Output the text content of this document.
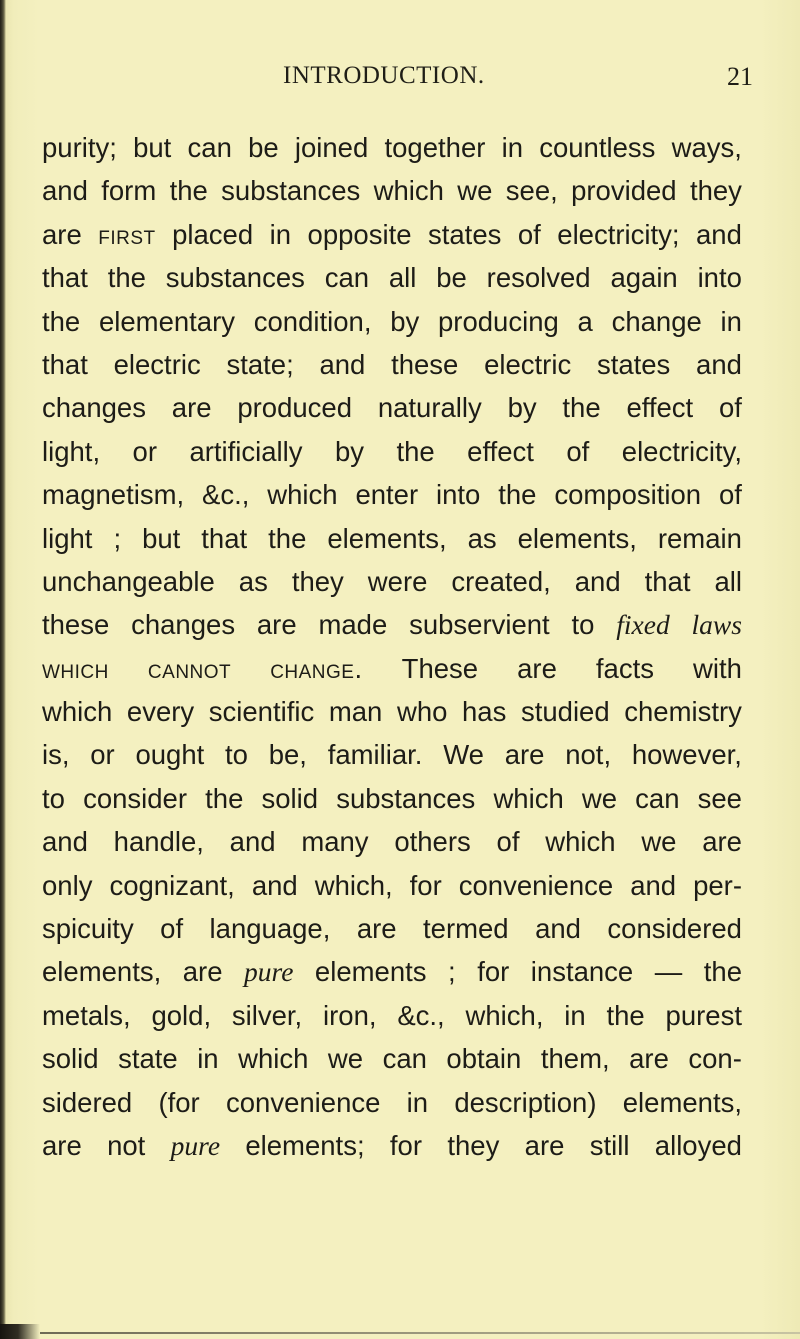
INTRODUCTION.	21
purity; but can be joined together in countless ways,
and form the substances which we see, provided they
are first placed in opposite states of electricity; and
that the substances can all be resolved again into
the elementary condition, by producing a change in
that electric state; and these electric states and
changes are produced naturally by the effect of
light, or artificially by the effect of electricity,
magnetism, &c., which enter into the composition of
light ; but that the elements, as elements, remain
unchangeable as they were created, and that all
these changes are made subservient to fixed laws
which cannot change. These are facts with
which every scientific man who has studied chemistry
is, or ought to be, familiar. We are not, however,
to consider the solid substances which we can see
and handle, and many others of which we are
only cognizant, and which, for convenience and per-
spicuity of language, are termed and considered
elements, are pure elements ; for instance — the
metals, gold, silver, iron, &c., which, in the purest
solid state in which we can obtain them, are con-
sidered (for convenience in description) elements,
are not pure elements; for they are still alloyed
